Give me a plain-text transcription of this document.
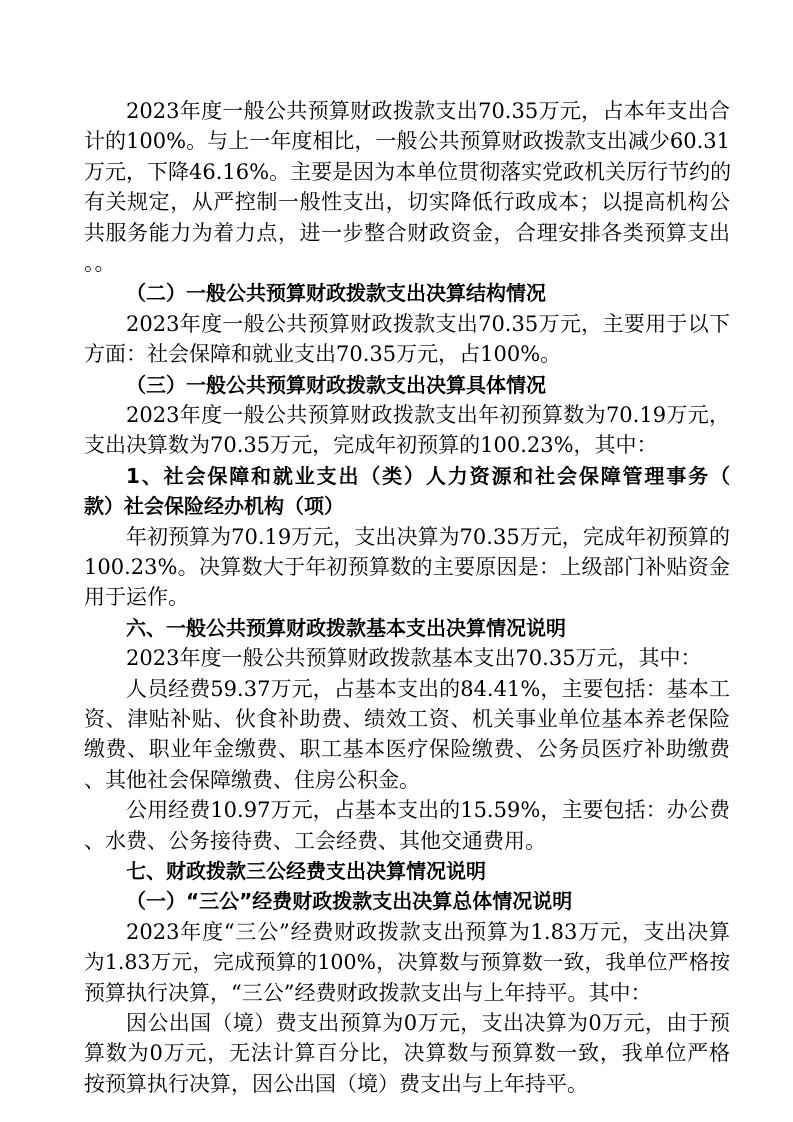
2023年度一般公共预算财政拨款支出70.35万元，占本年支出合
计的100%。与上一年度相比，一般公共预算财政拨款支出减少60.31
万元，下降46.16%。主要是因为本单位贯彻落实党政机关厉行节约的
有关规定，从严控制一般性支出，切实降低行政成本；以提高机构公
共服务能力为着力点，进一步整合财政资金，合理安排各类预算支出
。。
（二）一般公共预算财政拨款支出决算结构情况
2023年度一般公共预算财政拨款支出70.35万元，主要用于以下
方面：社会保障和就业支出70.35万元，占100%。
（三）一般公共预算财政拨款支出决算具体情况
2023年度一般公共预算财政拨款支出年初预算数为70.19万元，
支出决算数为70.35万元，完成年初预算的100.23%，其中：
1、社会保障和就业支出（类）人力资源和社会保障管理事务（
款）社会保险经办机构（项）
年初预算为70.19万元，支出决算为70.35万元，完成年初预算的
100.23%。决算数大于年初预算数的主要原因是：上级部门补贴资金
用于运作。
六、一般公共预算财政拨款基本支出决算情况说明
2023年度一般公共预算财政拨款基本支出70.35万元，其中：
人员经费59.37万元，占基本支出的84.41%，主要包括：基本工
资、津贴补贴、伙食补助费、绩效工资、机关事业单位基本养老保险
缴费、职业年金缴费、职工基本医疗保险缴费、公务员医疗补助缴费
、其他社会保障缴费、住房公积金。
公用经费10.97万元，占基本支出的15.59%，主要包括：办公费
、水费、公务接待费、工会经费、其他交通费用。
七、财政拨款三公经费支出决算情况说明
（一）“三公”经费财政拨款支出决算总体情况说明
2023年度“三公”经费财政拨款支出预算为1.83万元，支出决算
为1.83万元，完成预算的100%，决算数与预算数一致，我单位严格按
预算执行决算，“三公”经费财政拨款支出与上年持平。其中：
因公出国（境）费支出预算为0万元，支出决算为0万元，由于预
算数为0万元，无法计算百分比，决算数与预算数一致，我单位严格
按预算执行决算，因公出国（境）费支出与上年持平。
